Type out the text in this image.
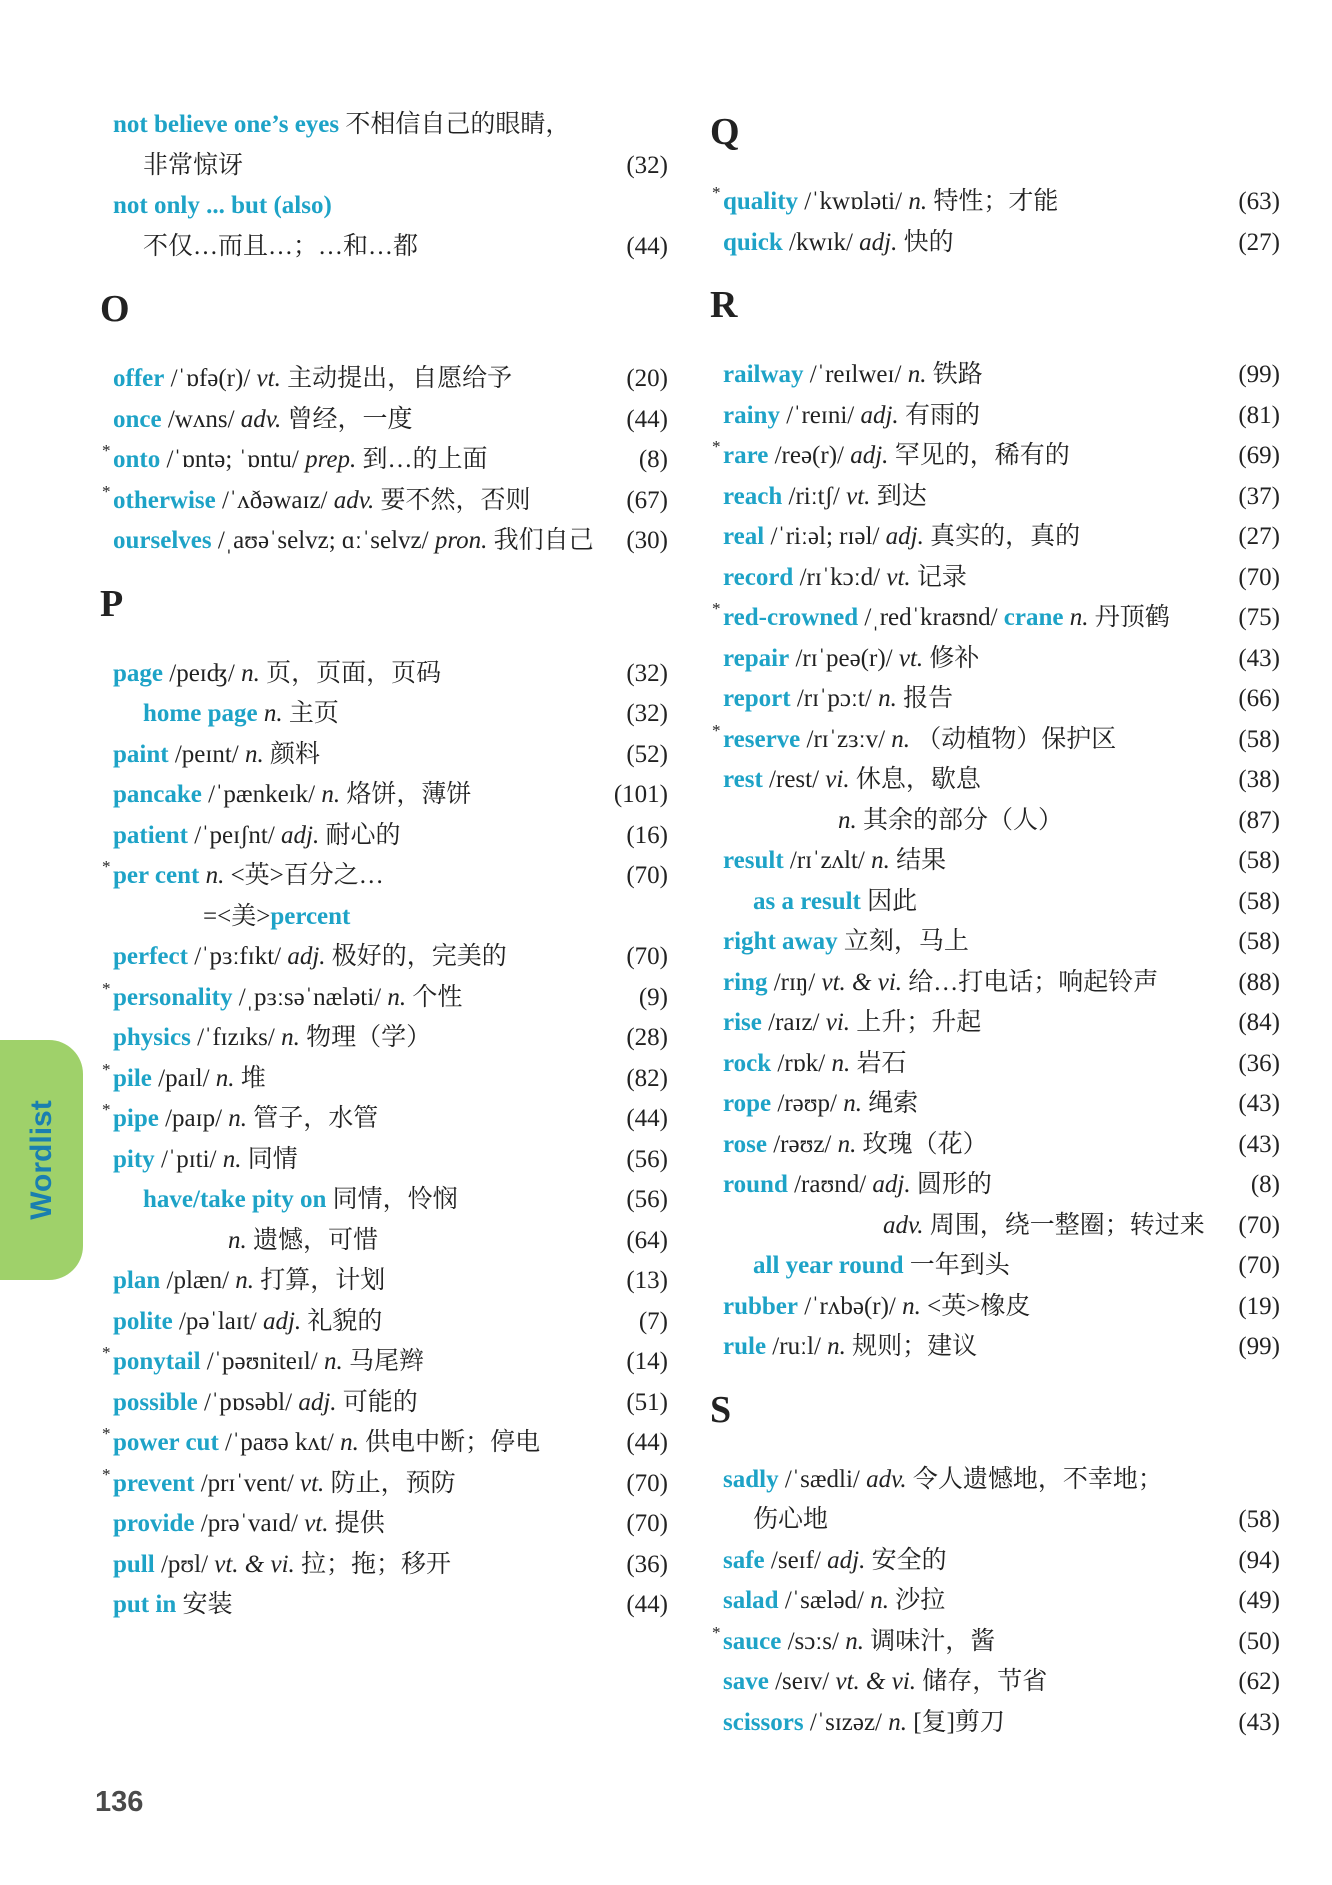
Wordlist
not believe one’s eyes 不相信自己的眼睛，
非常惊讶	(32)
not only ... but (also)
不仅…而且…；…和…都	(44)
O
offer /ˈɒfə(r)/ vt. 主动提出，自愿给予	(20)
once /wʌns/ adv. 曾经，一度	(44)
* onto /ˈɒntə; ˈɒntu/ prep. 到…的上面	(8)
* otherwise /ˈʌðəwaɪz/ adv. 要不然，否则	(67)
ourselves /ˌaʊəˈselvz; ɑːˈselvz/ pron. 我们自己	(30)
P
page /peɪʤ/ n. 页，页面，页码	(32)
home page n. 主页	(32)
paint /peɪnt/ n. 颜料	(52)
pancake /ˈpænkeɪk/ n. 烙饼，薄饼	(101)
patient /ˈpeɪʃnt/ adj. 耐心的	(16)
* per cent n. <英>百分之…	(70)
=<美>percent
perfect /ˈpɜːfɪkt/ adj. 极好的，完美的	(70)
* personality /ˌpɜːsəˈnæləti/ n. 个性	(9)
physics /ˈfɪzɪks/ n. 物理（学）	(28)
* pile /paɪl/ n. 堆	(82)
* pipe /paɪp/ n. 管子，水管	(44)
pity /ˈpɪti/ n. 同情	(56)
have/take pity on 同情，怜悯	(56)
n. 遗憾，可惜	(64)
plan /plæn/ n. 打算，计划	(13)
polite /pəˈlaɪt/ adj. 礼貌的	(7)
* ponytail /ˈpəʊniteɪl/ n. 马尾辫	(14)
possible /ˈpɒsəbl/ adj. 可能的	(51)
* power cut /ˈpaʊə kʌt/ n. 供电中断；停电	(44)
* prevent /prɪˈvent/ vt. 防止，预防	(70)
provide /prəˈvaɪd/ vt. 提供	(70)
pull /pʊl/ vt. & vi. 拉；拖；移开	(36)
put in 安装	(44)
Q
* quality /ˈkwɒləti/ n. 特性；才能	(63)
quick /kwɪk/ adj. 快的	(27)
R
railway /ˈreɪlweɪ/ n. 铁路	(99)
rainy /ˈreɪni/ adj. 有雨的	(81)
* rare /reə(r)/ adj. 罕见的，稀有的	(69)
reach /riːtʃ/ vt. 到达	(37)
real /ˈriːəl; rɪəl/ adj. 真实的，真的	(27)
record /rɪˈkɔːd/ vt. 记录	(70)
* red-crowned /ˌredˈkraʊnd/ crane n. 丹顶鹤	(75)
repair /rɪˈpeə(r)/ vt. 修补	(43)
report /rɪˈpɔːt/ n. 报告	(66)
* reserve /rɪˈzɜːv/ n. （动植物）保护区	(58)
rest /rest/ vi. 休息，歇息	(38)
n. 其余的部分（人）	(87)
result /rɪˈzʌlt/ n. 结果	(58)
as a result 因此	(58)
right away 立刻，马上	(58)
ring /rɪŋ/ vt. & vi. 给…打电话；响起铃声	(88)
rise /raɪz/ vi. 上升；升起	(84)
rock /rɒk/ n. 岩石	(36)
rope /rəʊp/ n. 绳索	(43)
rose /rəʊz/ n. 玫瑰（花）	(43)
round /raʊnd/ adj. 圆形的	(8)
adv. 周围，绕一整圈；转过来	(70)
all year round 一年到头	(70)
rubber /ˈrʌbə(r)/ n. <英>橡皮	(19)
rule /ruːl/ n. 规则；建议	(99)
S
sadly /ˈsædli/ adv. 令人遗憾地，不幸地；
伤心地	(58)
safe /seɪf/ adj. 安全的	(94)
salad /ˈsæləd/ n. 沙拉	(49)
* sauce /sɔːs/ n. 调味汁，酱	(50)
save /seɪv/ vt. & vi. 储存，节省	(62)
scissors /ˈsɪzəz/ n. [复]剪刀	(43)
136
